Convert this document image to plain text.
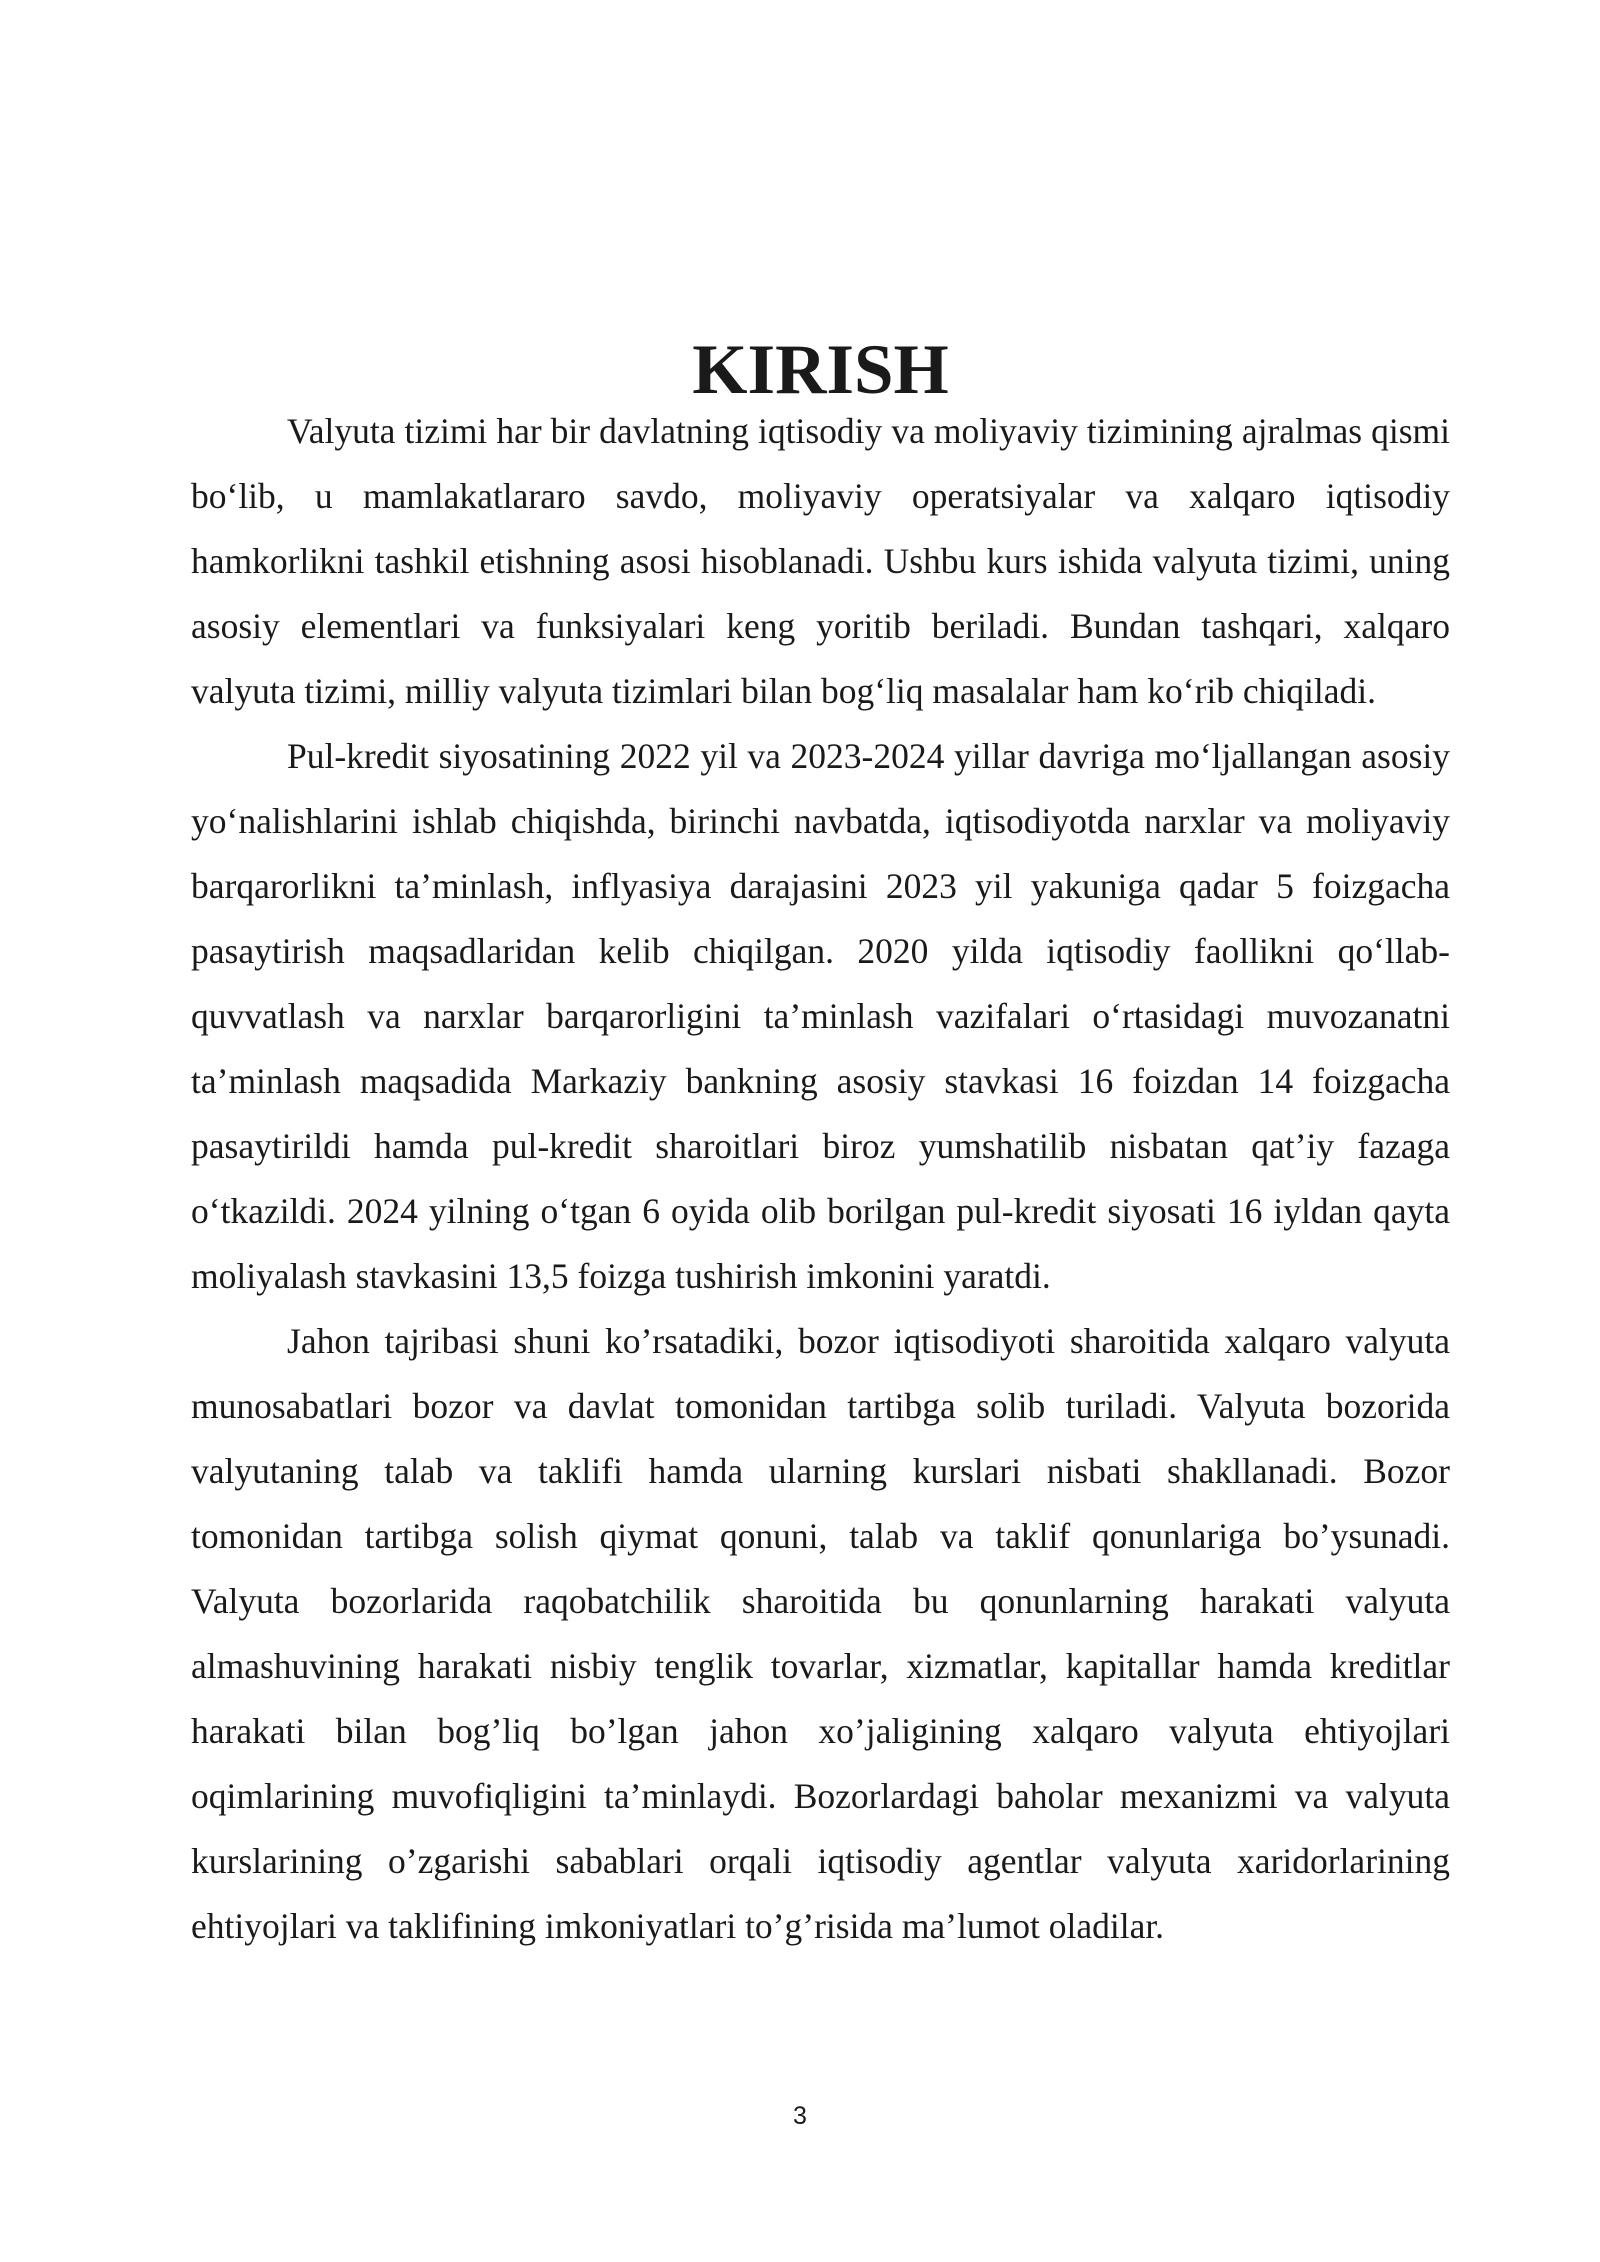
KIRISH

Valyuta tizimi har bir davlatning iqtisodiy va moliyaviy tizimining ajralmas qismi bo‘lib, u mamlakatlararo savdo, moliyaviy operatsiyalar va xalqaro iqtisodiy hamkorlikni tashkil etishning asosi hisoblanadi. Ushbu kurs ishida valyuta tizimi, uning asosiy elementlari va funksiyalari keng yoritib beriladi. Bundan tashqari, xalqaro valyuta tizimi, milliy valyuta tizimlari bilan bog‘liq masalalar ham ko‘rib chiqiladi.

Pul-kredit siyosatining 2022 yil va 2023-2024 yillar davriga mo‘ljallangan asosiy yo‘nalishlarini ishlab chiqishda, birinchi navbatda, iqtisodiyotda narxlar va moliyaviy barqarorlikni ta’minlash, inflyasiya darajasini 2023 yil yakuniga qadar 5 foizgacha pasaytirish maqsadlaridan kelib chiqilgan. 2020 yilda iqtisodiy faollikni qo‘llab-quvvatlash va narxlar barqarorligini ta’minlash vazifalari o‘rtasidagi muvozanatni ta’minlash maqsadida Markaziy bankning asosiy stavkasi 16 foizdan 14 foizgacha pasaytirildi hamda pul-kredit sharoitlari biroz yumshatilib nisbatan qat’iy fazaga o‘tkazildi. 2024 yilning o‘tgan 6 oyida olib borilgan pul-kredit siyosati 16 iyldan qayta moliyalash stavkasini 13,5 foizga tushirish imkonini yaratdi.

Jahon tajribasi shuni ko’rsatadiki, bozor iqtisodiyoti sharoitida xalqaro valyuta munosabatlari bozor va davlat tomonidan tartibga solib turiladi. Valyuta bozorida valyutaning talab va taklifi hamda ularning kurslari nisbati shakllanadi. Bozor tomonidan tartibga solish qiymat qonuni, talab va taklif qonunlariga bo’ysunadi. Valyuta bozorlarida raqobatchilik sharoitida bu qonunlarning harakati valyuta almashuvining harakati nisbiy tenglik tovarlar, xizmatlar, kapitallar hamda kreditlar harakati bilan bog’liq bo’lgan jahon xo’jaligining xalqaro valyuta ehtiyojlari oqimlarining muvofiqligini ta’minlaydi. Bozorlardagi baholar mexanizmi va valyuta kurslarining o’zgarishi sabablari orqali iqtisodiy agentlar valyuta xaridorlarining ehtiyojlari va taklifining imkoniyatlari to’g’risida ma’lumot oladilar.

3
